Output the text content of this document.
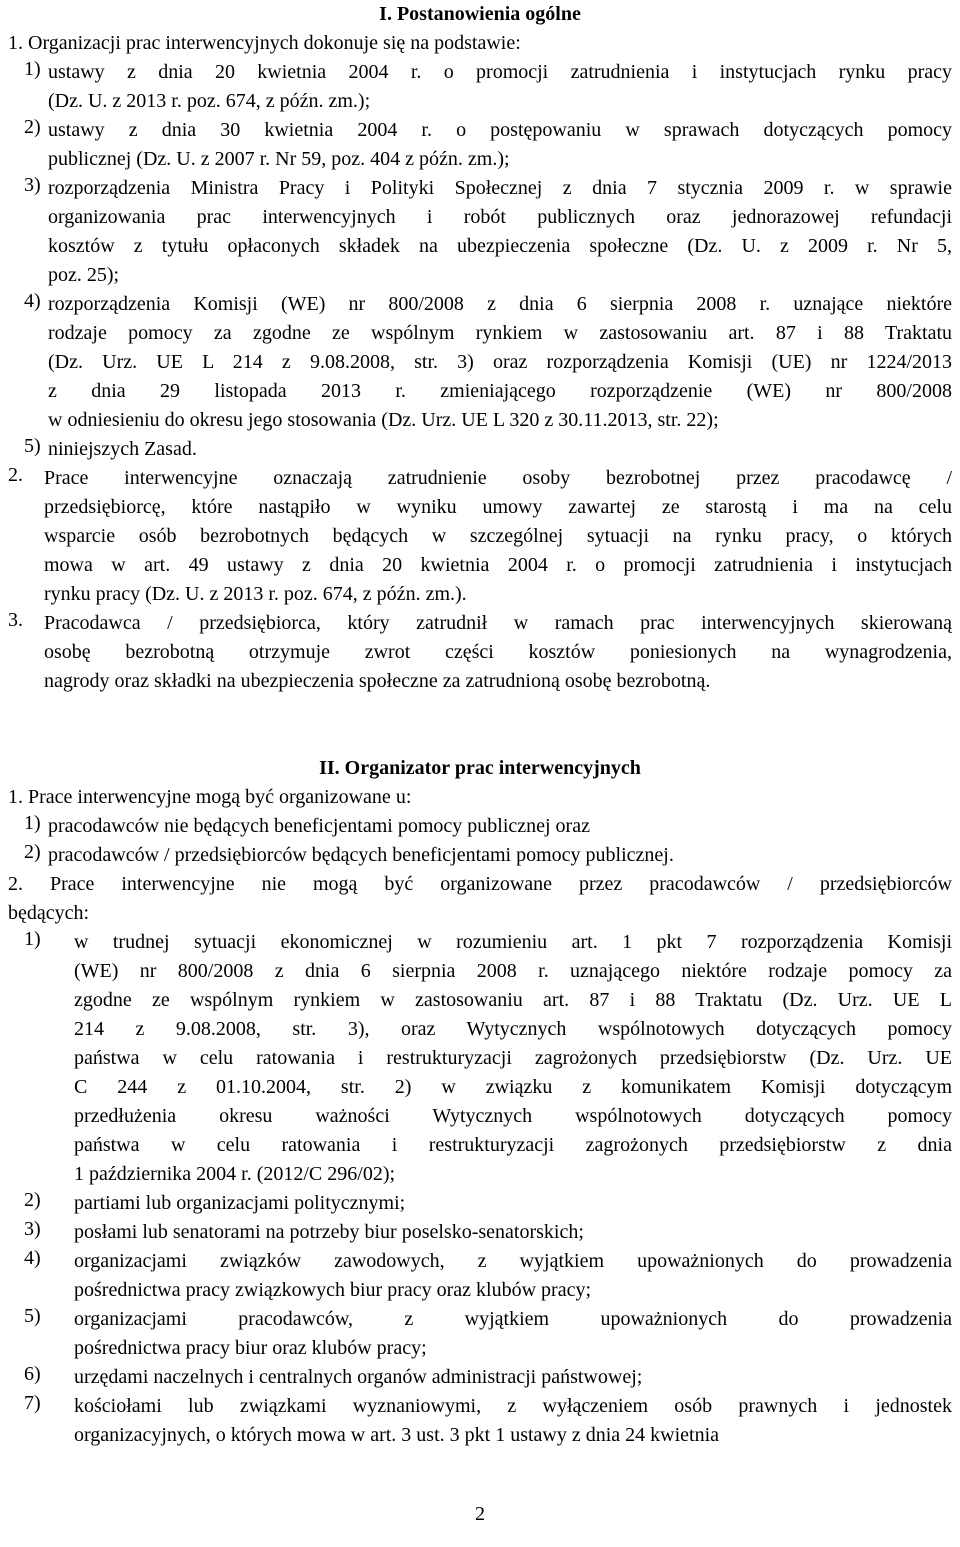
I. Postanowienia ogólne
1. Organizacji prac interwencyjnych dokonuje się na podstawie:
1) ustawy z dnia 20 kwietnia 2004 r. o promocji zatrudnienia i instytucjach rynku pracy
(Dz. U. z 2013 r. poz. 674, z późn. zm.);
2) ustawy z dnia 30 kwietnia 2004 r. o postępowaniu w sprawach dotyczących pomocy
publicznej (Dz. U. z 2007 r. Nr 59, poz. 404 z późn. zm.);
3) rozporządzenia Ministra Pracy i Polityki Społecznej z dnia 7 stycznia 2009 r. w sprawie
organizowania prac interwencyjnych i robót publicznych oraz jednorazowej refundacji
kosztów z tytułu opłaconych składek na ubezpieczenia społeczne (Dz. U. z 2009 r. Nr 5,
poz. 25);
4) rozporządzenia Komisji (WE) nr 800/2008 z dnia 6 sierpnia 2008 r. uznające niektóre
rodzaje pomocy za zgodne ze wspólnym rynkiem w zastosowaniu art. 87 i 88 Traktatu
(Dz. Urz. UE L 214 z 9.08.2008, str. 3) oraz rozporządzenia Komisji (UE) nr 1224/2013
z dnia 29 listopada 2013 r. zmieniającego rozporządzenie (WE) nr 800/2008
w odniesieniu do okresu jego stosowania (Dz. Urz. UE L 320 z 30.11.2013, str. 22);
5) niniejszych Zasad.
2.	Prace interwencyjne oznaczają zatrudnienie osoby bezrobotnej przez pracodawcę /
przedsiębiorcę, które nastąpiło w wyniku umowy zawartej ze starostą i ma na celu
wsparcie osób bezrobotnych będących w szczególnej sytuacji na rynku pracy, o których
mowa w art. 49 ustawy z dnia 20 kwietnia 2004 r. o promocji zatrudnienia i instytucjach
rynku pracy (Dz. U. z 2013 r. poz. 674, z późn. zm.).
3.	Pracodawca / przedsiębiorca, który zatrudnił w ramach prac interwencyjnych skierowaną
osobę bezrobotną otrzymuje zwrot części kosztów poniesionych na wynagrodzenia,
nagrody oraz składki na ubezpieczenia społeczne za zatrudnioną osobę bezrobotną.
II. Organizator prac interwencyjnych
1. Prace interwencyjne mogą być organizowane u:
1) pracodawców nie będących beneficjentami pomocy publicznej oraz
2) pracodawców / przedsiębiorców będących beneficjentami pomocy publicznej.
2. Prace interwencyjne nie mogą być organizowane przez pracodawców / przedsiębiorców
będących:
1)	w trudnej sytuacji ekonomicznej w rozumieniu art. 1 pkt 7 rozporządzenia Komisji
(WE) nr 800/2008 z dnia 6 sierpnia 2008 r. uznającego niektóre rodzaje pomocy za
zgodne ze wspólnym rynkiem w zastosowaniu art. 87 i 88 Traktatu (Dz. Urz. UE L
214 z 9.08.2008, str. 3), oraz Wytycznych wspólnotowych dotyczących pomocy
państwa w celu ratowania i restrukturyzacji zagrożonych przedsiębiorstw (Dz. Urz. UE
C 244 z 01.10.2004, str. 2) w związku z komunikatem Komisji dotyczącym
przedłużenia okresu ważności Wytycznych wspólnotowych dotyczących pomocy
państwa w celu ratowania i restrukturyzacji zagrożonych przedsiębiorstw z dnia
1 października 2004 r. (2012/C 296/02);
2)	partiami lub organizacjami politycznymi;
3)	posłami lub senatorami na potrzeby biur poselsko-senatorskich;
4)	organizacjami związków zawodowych, z wyjątkiem upoważnionych do prowadzenia
pośrednictwa pracy związkowych biur pracy oraz klubów pracy;
5)	organizacjami pracodawców, z wyjątkiem upoważnionych do prowadzenia
pośrednictwa pracy biur oraz klubów pracy;
6)	urzędami naczelnych i centralnych organów administracji państwowej;
7)	kościołami lub związkami wyznaniowymi, z wyłączeniem osób prawnych i jednostek
organizacyjnych, o których mowa w art. 3 ust. 3 pkt 1 ustawy z dnia 24 kwietnia
2
